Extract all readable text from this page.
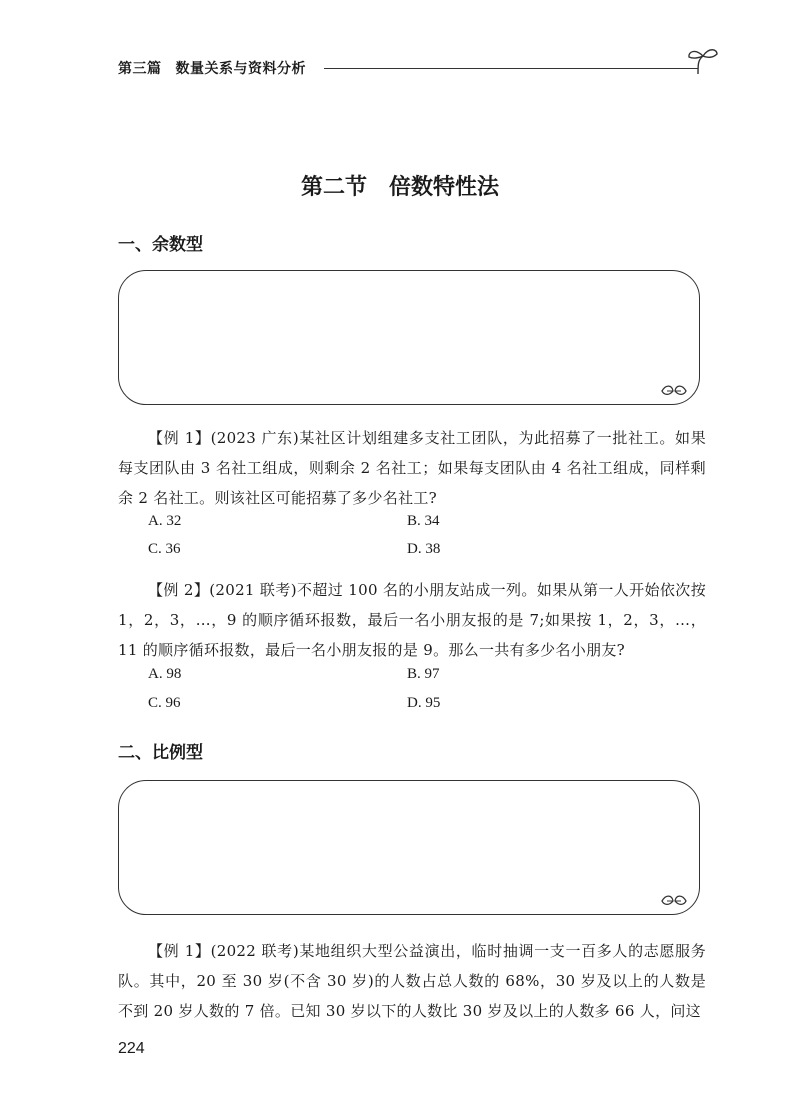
第三篇 数量关系与资料分析
第二节 倍数特性法
一、余数型

【例 1】(2023 广东)某社区计划组建多支社工团队，为此招募了一批社工。如果每支团队由 3 名社工组成，则剩余 2 名社工；如果每支团队由 4 名社工组成，同样剩余 2 名社工。则该社区可能招募了多少名社工?

A. 32	B. 34
C. 36	D. 38

【例 2】(2021 联考)不超过 100 名的小朋友站成一列。如果从第一人开始依次按 1，2，3，…，9 的顺序循环报数，最后一名小朋友报的是 7;如果按 1，2，3，…，11 的顺序循环报数，最后一名小朋友报的是 9。那么一共有多少名小朋友?

A. 98	B. 97
C. 96	D. 95
二、比例型

【例 1】(2022 联考)某地组织大型公益演出，临时抽调一支一百多人的志愿服务队。其中，20 至 30 岁(不含 30 岁)的人数占总人数的 68%，30 岁及以上的人数是不到 20 岁人数的 7 倍。已知 30 岁以下的人数比 30 岁及以上的人数多 66 人，问这

224
